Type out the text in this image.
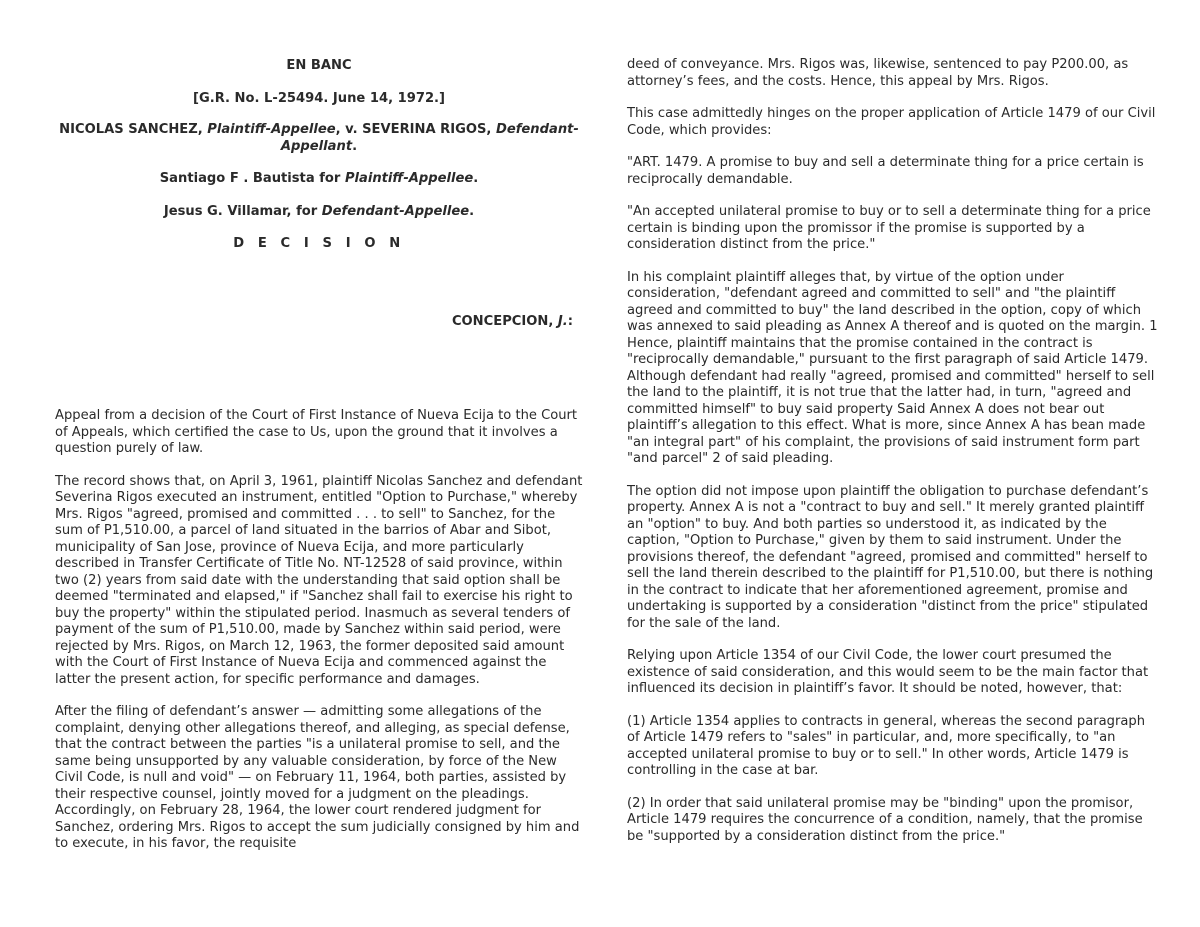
EN BANC

[G.R. No. L-25494. June 14, 1972.]

NICOLAS SANCHEZ, Plaintiff-Appellee, v. SEVERINA RIGOS, Defendant-Appellant.

Santiago F . Bautista for Plaintiff-Appellee.

Jesus G. Villamar, for Defendant-Appellee.

D E C I S I O N

CONCEPCION, J.:

Appeal from a decision of the Court of First Instance of Nueva Ecija to the Court of Appeals, which certified the case to Us, upon the ground that it involves a question purely of law.

The record shows that, on April 3, 1961, plaintiff Nicolas Sanchez and defendant Severina Rigos executed an instrument, entitled "Option to Purchase," whereby Mrs. Rigos "agreed, promised and committed . . . to sell" to Sanchez, for the sum of P1,510.00, a parcel of land situated in the barrios of Abar and Sibot, municipality of San Jose, province of Nueva Ecija, and more particularly described in Transfer Certificate of Title No. NT-12528 of said province, within two (2) years from said date with the understanding that said option shall be deemed "terminated and elapsed," if "Sanchez shall fail to exercise his right to buy the property" within the stipulated period. Inasmuch as several tenders of payment of the sum of P1,510.00, made by Sanchez within said period, were rejected by Mrs. Rigos, on March 12, 1963, the former deposited said amount with the Court of First Instance of Nueva Ecija and commenced against the latter the present action, for specific performance and damages.

After the filing of defendant’s answer — admitting some allegations of the complaint, denying other allegations thereof, and alleging, as special defense, that the contract between the parties "is a unilateral promise to sell, and the same being unsupported by any valuable consideration, by force of the New Civil Code, is null and void" — on February 11, 1964, both parties, assisted by their respective counsel, jointly moved for a judgment on the pleadings. Accordingly, on February 28, 1964, the lower court rendered judgment for Sanchez, ordering Mrs. Rigos to accept the sum judicially consigned by him and to execute, in his favor, the requisite

deed of conveyance. Mrs. Rigos was, likewise, sentenced to pay P200.00, as attorney’s fees, and the costs. Hence, this appeal by Mrs. Rigos.

This case admittedly hinges on the proper application of Article 1479 of our Civil Code, which provides:

"ART. 1479. A promise to buy and sell a determinate thing for a price certain is reciprocally demandable.

"An accepted unilateral promise to buy or to sell a determinate thing for a price certain is binding upon the promissor if the promise is supported by a consideration distinct from the price."

In his complaint plaintiff alleges that, by virtue of the option under consideration, "defendant agreed and committed to sell" and "the plaintiff agreed and committed to buy" the land described in the option, copy of which was annexed to said pleading as Annex A thereof and is quoted on the margin. 1 Hence, plaintiff maintains that the promise contained in the contract is "reciprocally demandable," pursuant to the first paragraph of said Article 1479. Although defendant had really "agreed, promised and committed" herself to sell the land to the plaintiff, it is not true that the latter had, in turn, "agreed and committed himself" to buy said property Said Annex A does not bear out plaintiff’s allegation to this effect. What is more, since Annex A has bean made "an integral part" of his complaint, the provisions of said instrument form part "and parcel" 2 of said pleading.

The option did not impose upon plaintiff the obligation to purchase defendant’s property. Annex A is not a "contract to buy and sell." It merely granted plaintiff an "option" to buy. And both parties so understood it, as indicated by the caption, "Option to Purchase," given by them to said instrument. Under the provisions thereof, the defendant "agreed, promised and committed" herself to sell the land therein described to the plaintiff for P1,510.00, but there is nothing in the contract to indicate that her aforementioned agreement, promise and undertaking is supported by a consideration "distinct from the price" stipulated for the sale of the land.

Relying upon Article 1354 of our Civil Code, the lower court presumed the existence of said consideration, and this would seem to be the main factor that influenced its decision in plaintiff’s favor. It should be noted, however, that:

(1) Article 1354 applies to contracts in general, whereas the second paragraph of Article 1479 refers to "sales" in particular, and, more specifically, to "an accepted unilateral promise to buy or to sell." In other words, Article 1479 is controlling in the case at bar.

(2) In order that said unilateral promise may be "binding" upon the promisor, Article 1479 requires the concurrence of a condition, namely, that the promise be "supported by a consideration distinct from the price."
